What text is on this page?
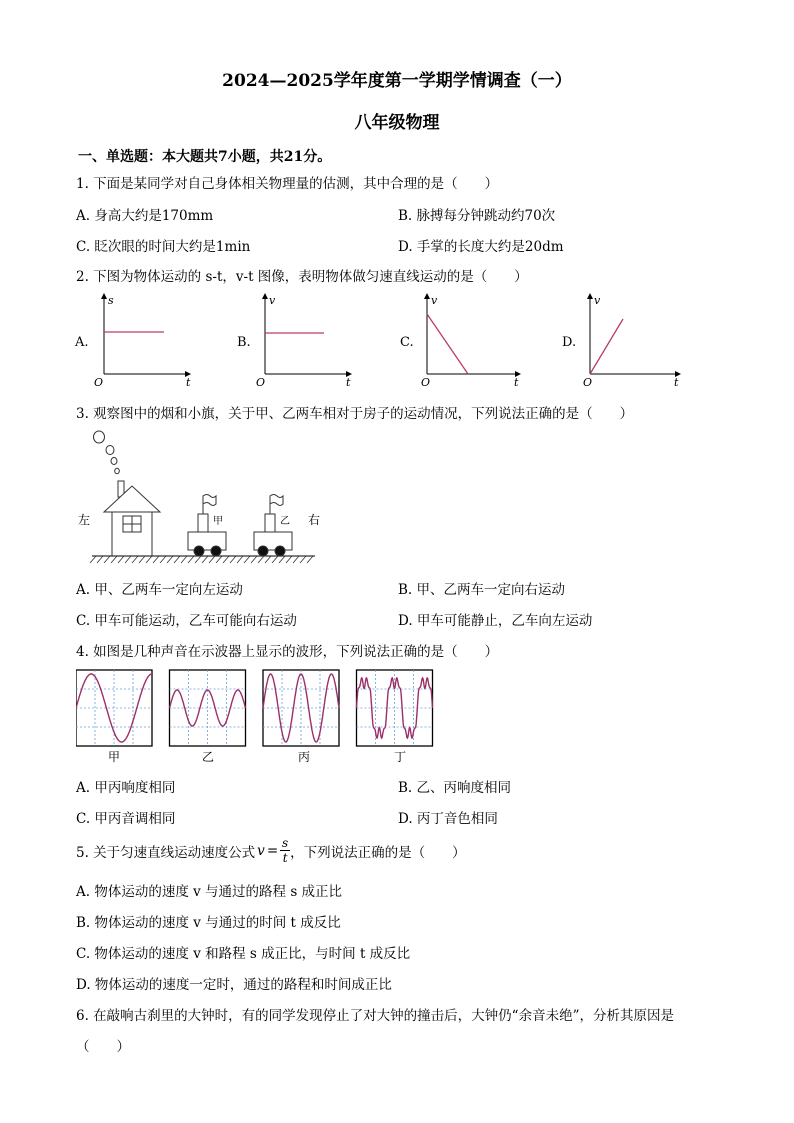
2024—2025学年度第一学期学情调查（一）
八年级物理
一、单选题：本大题共7小题，共21分。
1. 下面是某同学对自己身体相关物理量的估测，其中合理的是（　　）
A. 身高大约是170mm	B. 脉搏每分钟跳动约70次
C. 眨次眼的时间大约是1min	D. 手掌的长度大约是20dm
2. 下图为物体运动的 s-t，v-t 图像，表明物体做匀速直线运动的是（　　）
A.
s
t
O
B.
v
t
O
C.
v
t
O
D.
v
t
O
3. 观察图中的烟和小旗，关于甲、乙两车相对于房子的运动情况，下列说法正确的是（　　）
左	右
甲	乙
A. 甲、乙两车一定向左运动	B. 甲、乙两车一定向右运动
C. 甲车可能运动，乙车可能向右运动	D. 甲车可能静止，乙车向左运动
4. 如图是几种声音在示波器上显示的波形，下列说法正确的是（　　）
甲	乙	丙	丁
A. 甲丙响度相同	B. 乙、丙响度相同
C. 甲丙音调相同	D. 丙丁音色相同
5. 关于匀速直线运动速度公式 v = s
t ，下列说法正确的是（　　）
A. 物体运动的速度 v 与通过的路程 s 成正比
B. 物体运动的速度 v 与通过的时间 t 成反比
C. 物体运动的速度 v 和路程 s 成正比，与时间 t 成反比
D. 物体运动的速度一定时，通过的路程和时间成正比
6. 在敲响古刹里的大钟时，有的同学发现停止了对大钟的撞击后，大钟仍“余音未绝”，分析其原因是
（　　）
